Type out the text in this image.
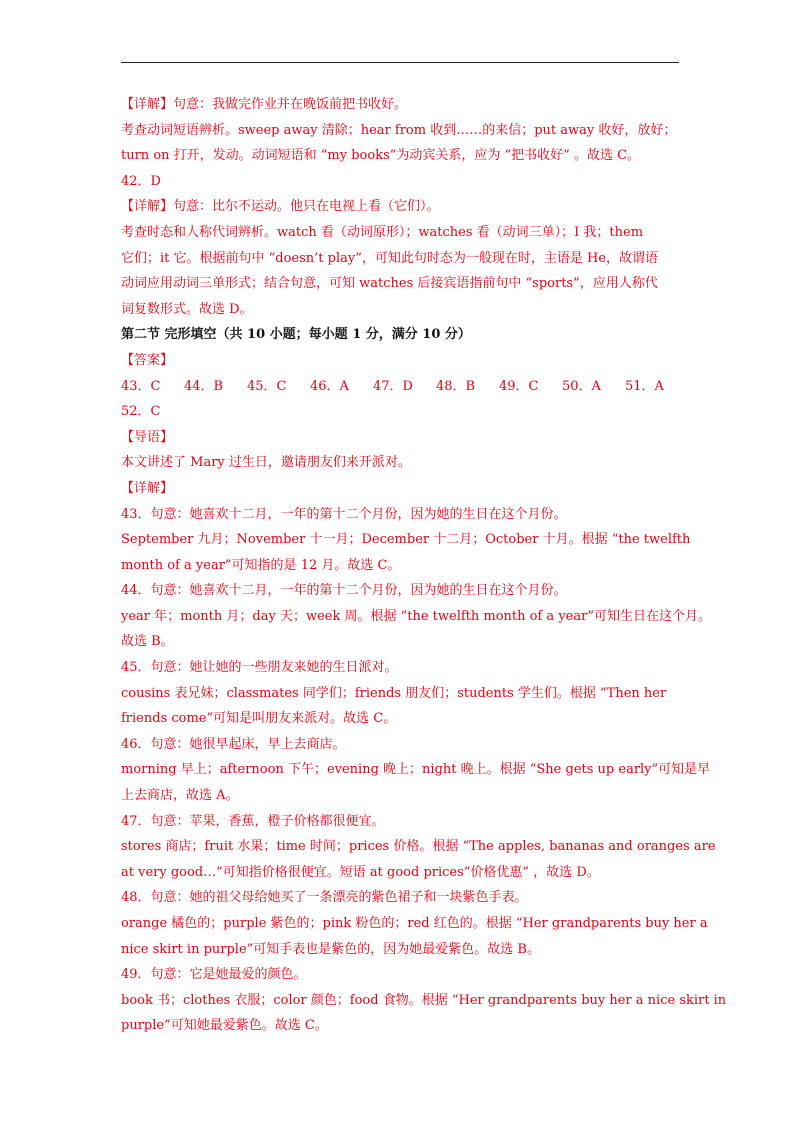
【详解】句意：我做完作业并在晚饭前把书收好。
考查动词短语辨析。sweep away 清除；hear from 收到……的来信；put away 收好，放好；
turn on 打开，发动。动词短语和 “my books”为动宾关系，应为 “把书收好” 。故选 C。
42．D
【详解】句意：比尔不运动。他只在电视上看（它们）。
考查时态和人称代词辨析。watch 看（动词原形）；watches 看（动词三单）；I 我；them
它们；it 它。根据前句中 “doesn’t play”，可知此句时态为一般现在时，主语是 He，故谓语
动词应用动词三单形式；结合句意，可知 watches 后接宾语指前句中 “sports”，应用人称代
词复数形式。故选 D。
第二节 完形填空（共 10 小题；每小题 1 分，满分 10 分）
【答案】
43．C 44．B 45．C 46．A 47．D 48．B 49．C 50．A 51．A
52．C
【导语】
本文讲述了 Mary 过生日，邀请朋友们来开派对。
【详解】
43．句意：她喜欢十二月，一年的第十二个月份，因为她的生日在这个月份。
September 九月；November 十一月；December 十二月；October 十月。根据 “the twelfth
month of a year”可知指的是 12 月。故选 C。
44．句意：她喜欢十二月，一年的第十二个月份，因为她的生日在这个月份。
year 年；month 月；day 天；week 周。根据 “the twelfth month of a year”可知生日在这个月。
故选 B。
45．句意：她让她的一些朋友来她的生日派对。
cousins 表兄妹；classmates 同学们；friends 朋友们；students 学生们。根据 “Then her
friends come”可知是叫朋友来派对。故选 C。
46．句意：她很早起床，早上去商店。
morning 早上；afternoon 下午；evening 晚上；night 晚上。根据 “She gets up early”可知是早
上去商店，故选 A。
47．句意：苹果，香蕉，橙子价格都很便宜。
stores 商店；fruit 水果；time 时间；prices 价格。根据 “The apples, bananas and oranges are
at very good…”可知指价格很便宜。短语 at good prices“价格优惠” ，故选 D。
48．句意：她的祖父母给她买了一条漂亮的紫色裙子和一块紫色手表。
orange 橘色的；purple 紫色的；pink 粉色的；red 红色的。根据 “Her grandparents buy her a
nice skirt in purple”可知手表也是紫色的，因为她最爱紫色。故选 B。
49．句意：它是她最爱的颜色。
book 书；clothes 衣服；color 颜色；food 食物。根据 “Her grandparents buy her a nice skirt in
purple”可知她最爱紫色。故选 C。
